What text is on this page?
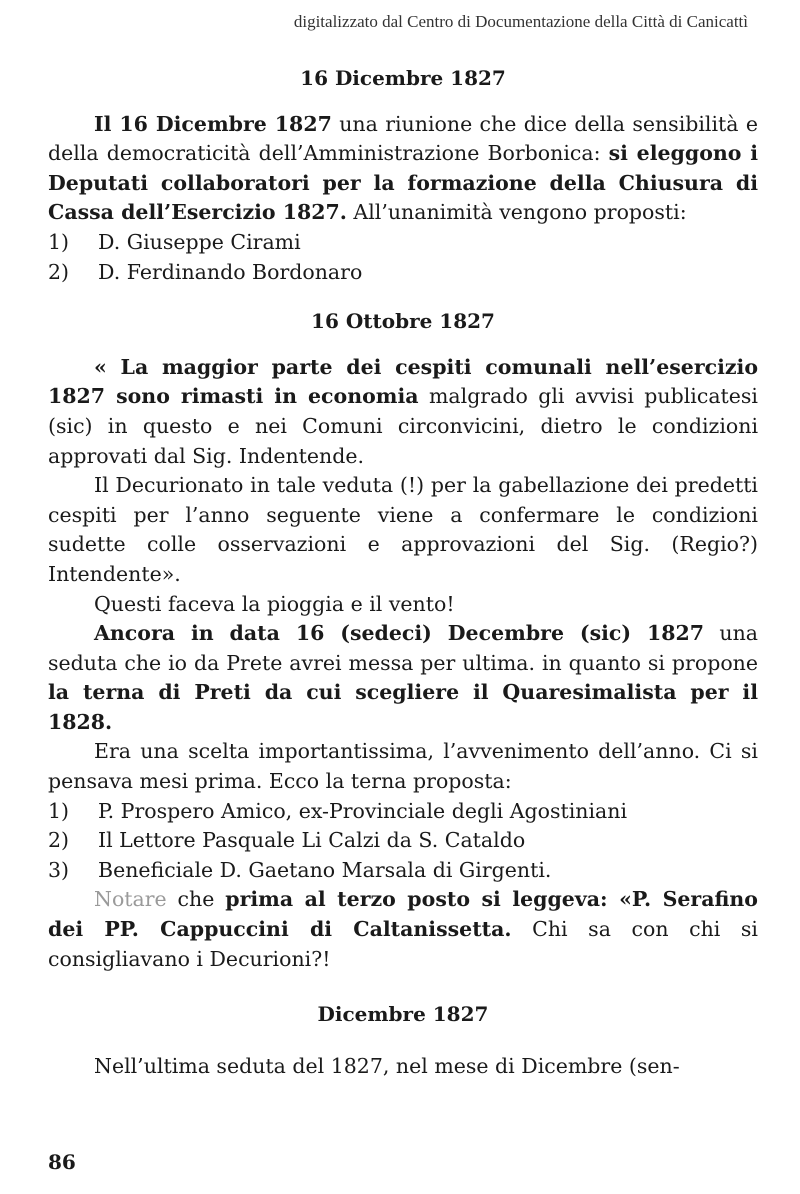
digitalizzato dal Centro di Documentazione della Città di Canicattì
16 Dicembre 1827

Il 16 Dicembre 1827 una riunione che dice della sensibilità e della democraticità dell’Amministrazione Borbonica: si eleggono i Deputati collaboratori per la formazione della Chiusura di Cassa dell’Esercizio 1827. All’unanimità vengono proposti:

1)	D. Giuseppe Cirami
2)	D. Ferdinando Bordonaro
16 Ottobre 1827

« La maggior parte dei cespiti comunali nell’esercizio 1827 sono rimasti in economia malgrado gli avvisi publicatesi (sic) in questo e nei Comuni circonvicini, dietro le condizioni approvati dal Sig. Indentende.

Il Decurionato in tale veduta (!) per la gabellazione dei predetti cespiti per l’anno seguente viene a confermare le condizioni sudette colle osservazioni e approvazioni del Sig. (Regio?) Intendente».

Questi faceva la pioggia e il vento!

Ancora in data 16 (sedeci) Decembre (sic) 1827 una seduta che io da Prete avrei messa per ultima. in quanto si propone la terna di Preti da cui scegliere il Quaresimalista per il 1828.

Era una scelta importantissima, l’avvenimento dell’anno. Ci si pensava mesi prima. Ecco la terna proposta:

1)	P. Prospero Amico, ex-Provinciale degli Agostiniani
2)	Il Lettore Pasquale Li Calzi da S. Cataldo
3)	Beneficiale D. Gaetano Marsala di Girgenti.

Notare che prima al terzo posto si leggeva: «P. Serafino dei PP. Cappuccini di Caltanissetta. Chi sa con chi si consigliavano i Decurioni?!

Dicembre 1827

Nell’ultima seduta del 1827, nel mese di Dicembre (sen-

86
